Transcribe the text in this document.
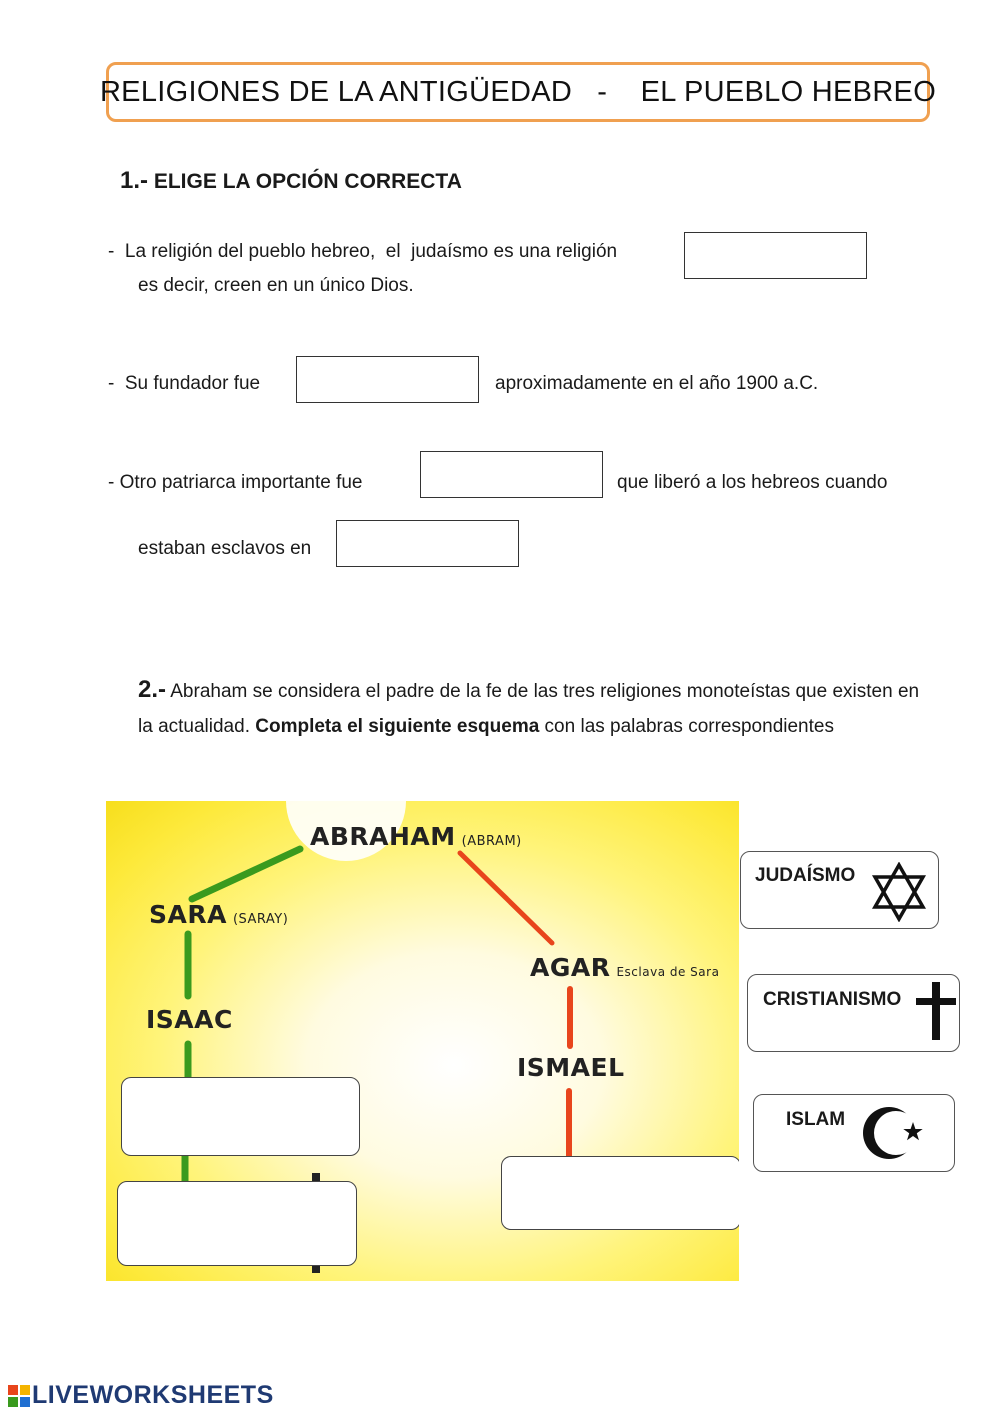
RELIGIONES DE LA ANTIGÜEDAD   -    EL PUEBLO HEBREO
1.- ELIGE LA OPCIÓN CORRECTA
-  La religión del pueblo hebreo,  el  judaísmo es una religión
es decir, creen en un único Dios.
-  Su fundador fue	aproximadamente en el año 1900 a.C.
- Otro patriarca importante fue	que liberó a los hebreos cuando
estaban esclavos en
2.- Abraham se considera el padre de la fe de las tres religiones monoteístas que existen en la actualidad. Completa el siguiente esquema con las palabras correspondientes
ABRAHAM (ABRAM)
SARA (SARAY)
ISAAC
AGAR Esclava de Sara
ISMAEL
JUDAÍSMO
CRISTIANISMO
ISLAM
LIVEWORKSHEETS
